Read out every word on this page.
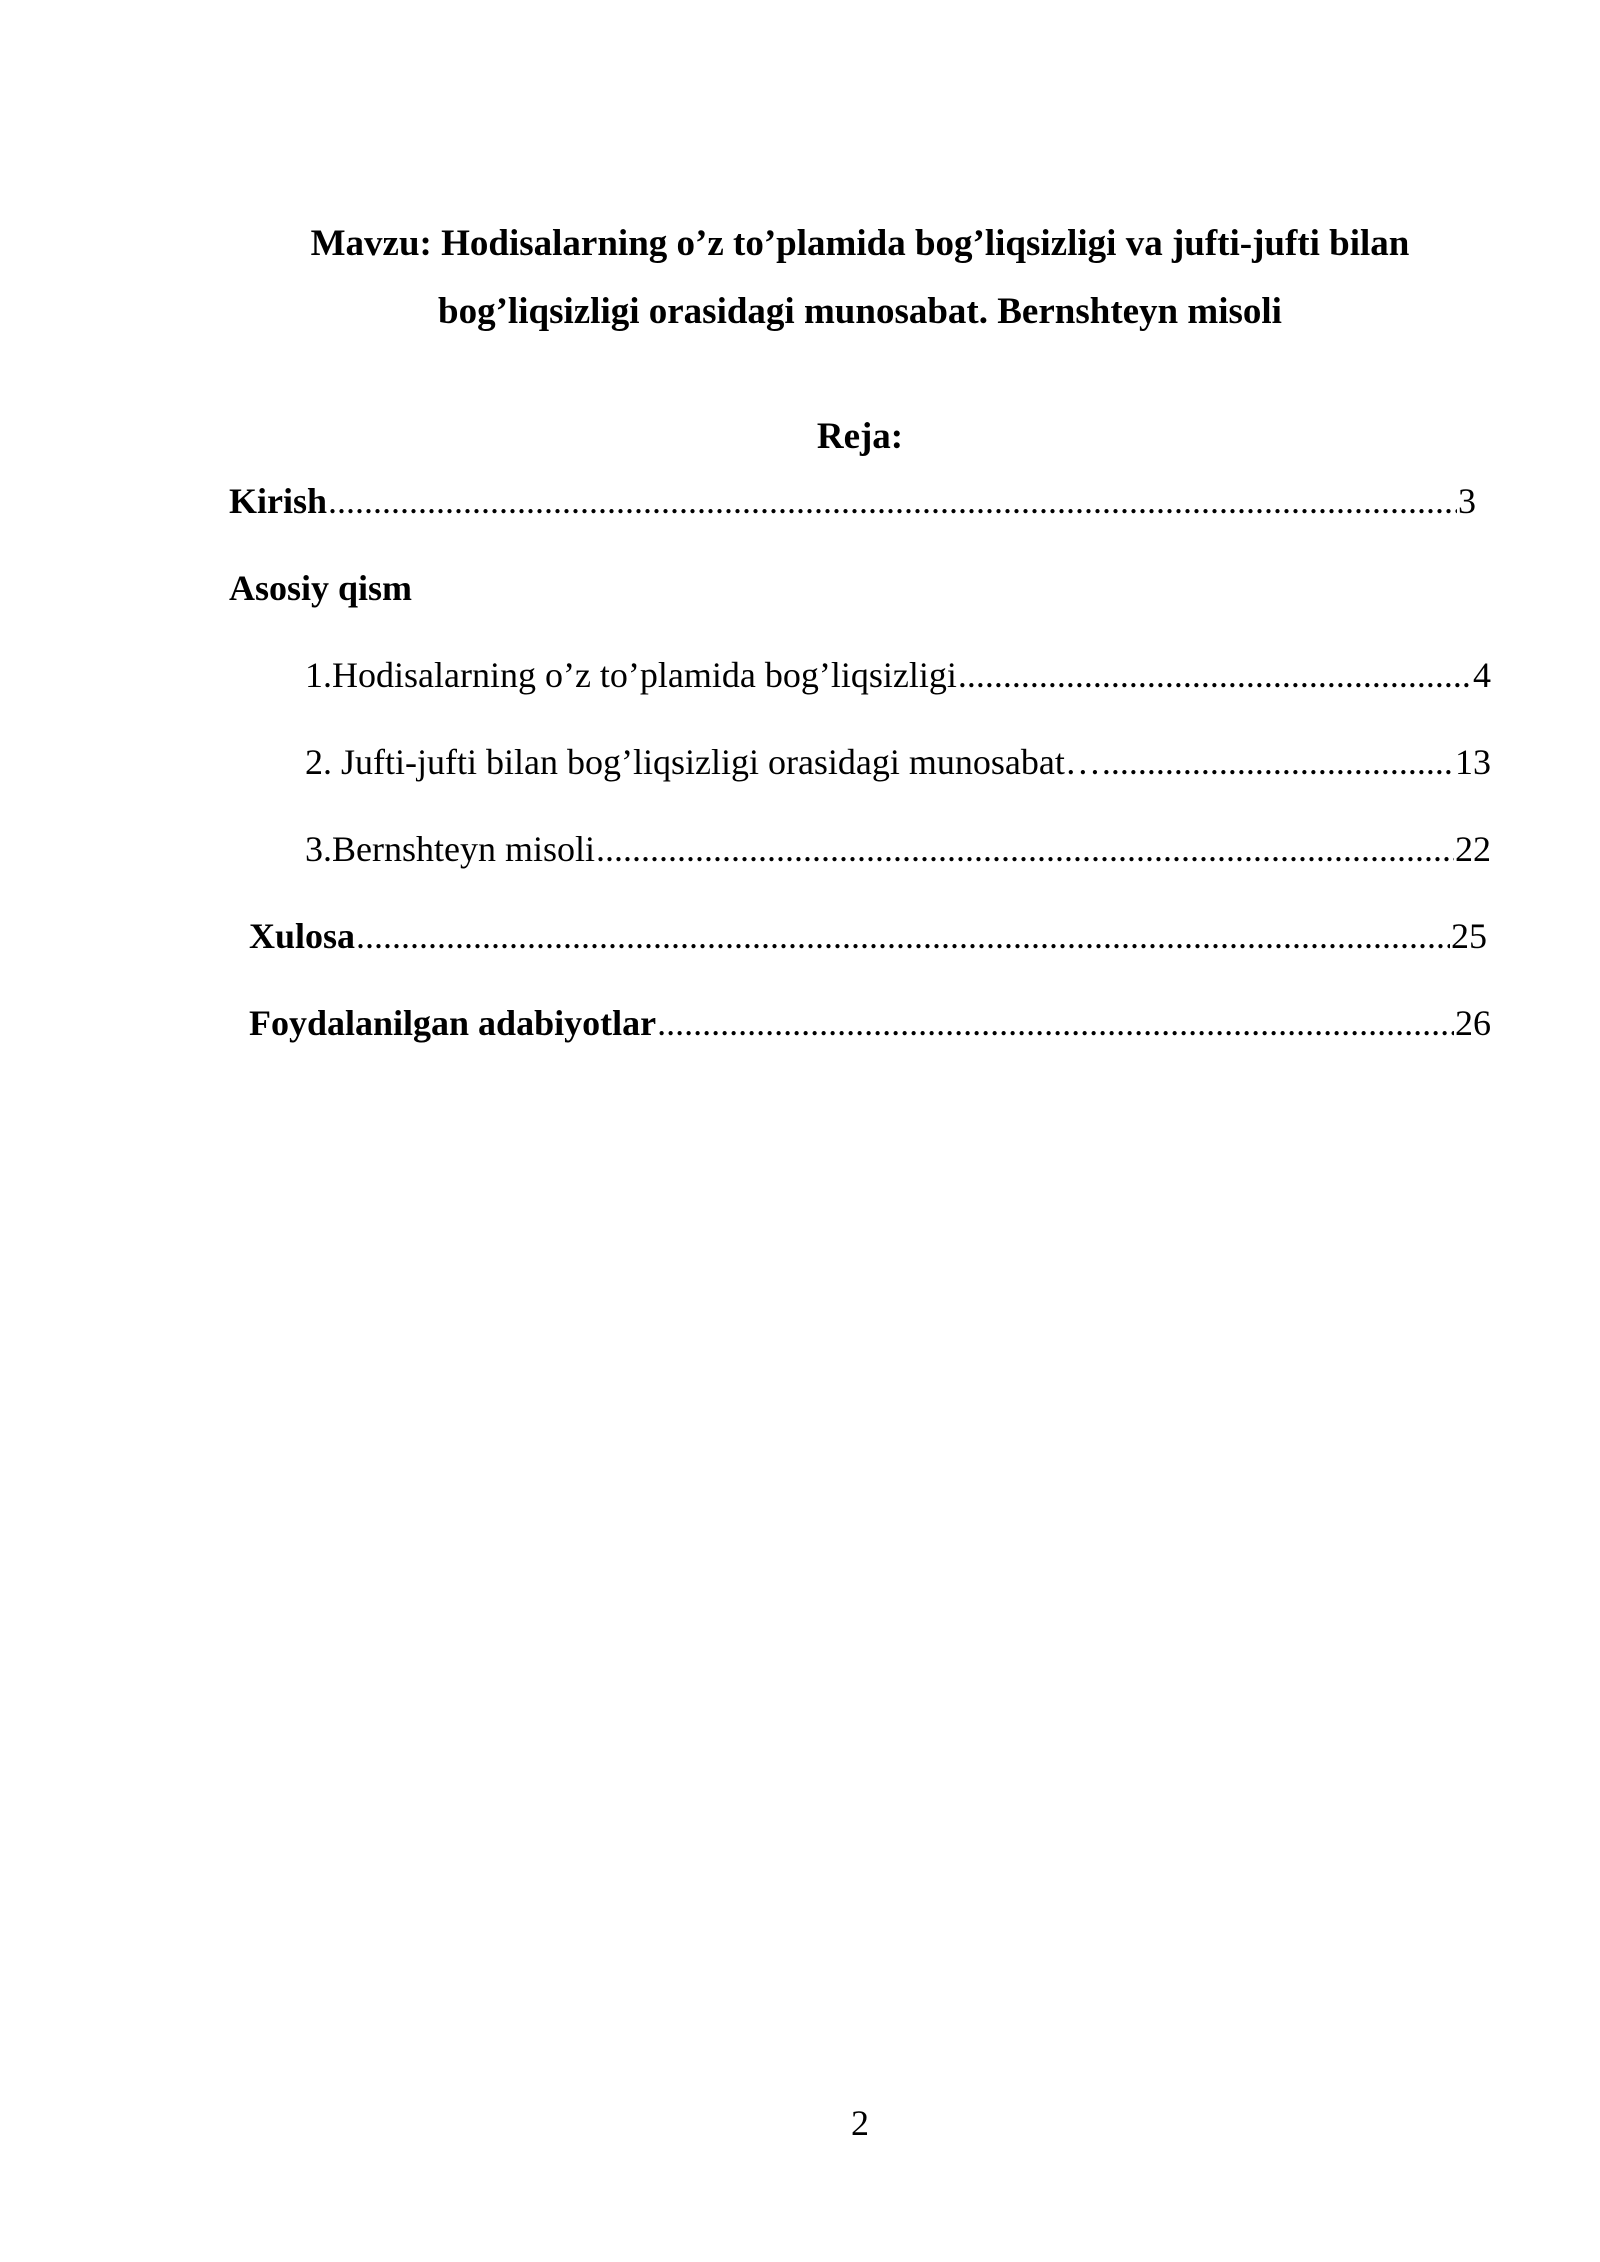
Mavzu: Hodisalarning o’z to’plamida bog’liqsizligi va jufti-jufti bilan
bog’liqsizligi orasidagi munosabat. Bernshteyn misoli
Reja:
Kirish .....	3
Asosiy qism
1.Hodisalarning o’z to’plamida bog’liqsizligi .....	4
2. Jufti-jufti bilan bog’liqsizligi orasidagi munosabat… .....	13
3.Bernshteyn misoli .....	22
Xulosa .....	25
Foydalanilgan adabiyotlar .....	26
2
